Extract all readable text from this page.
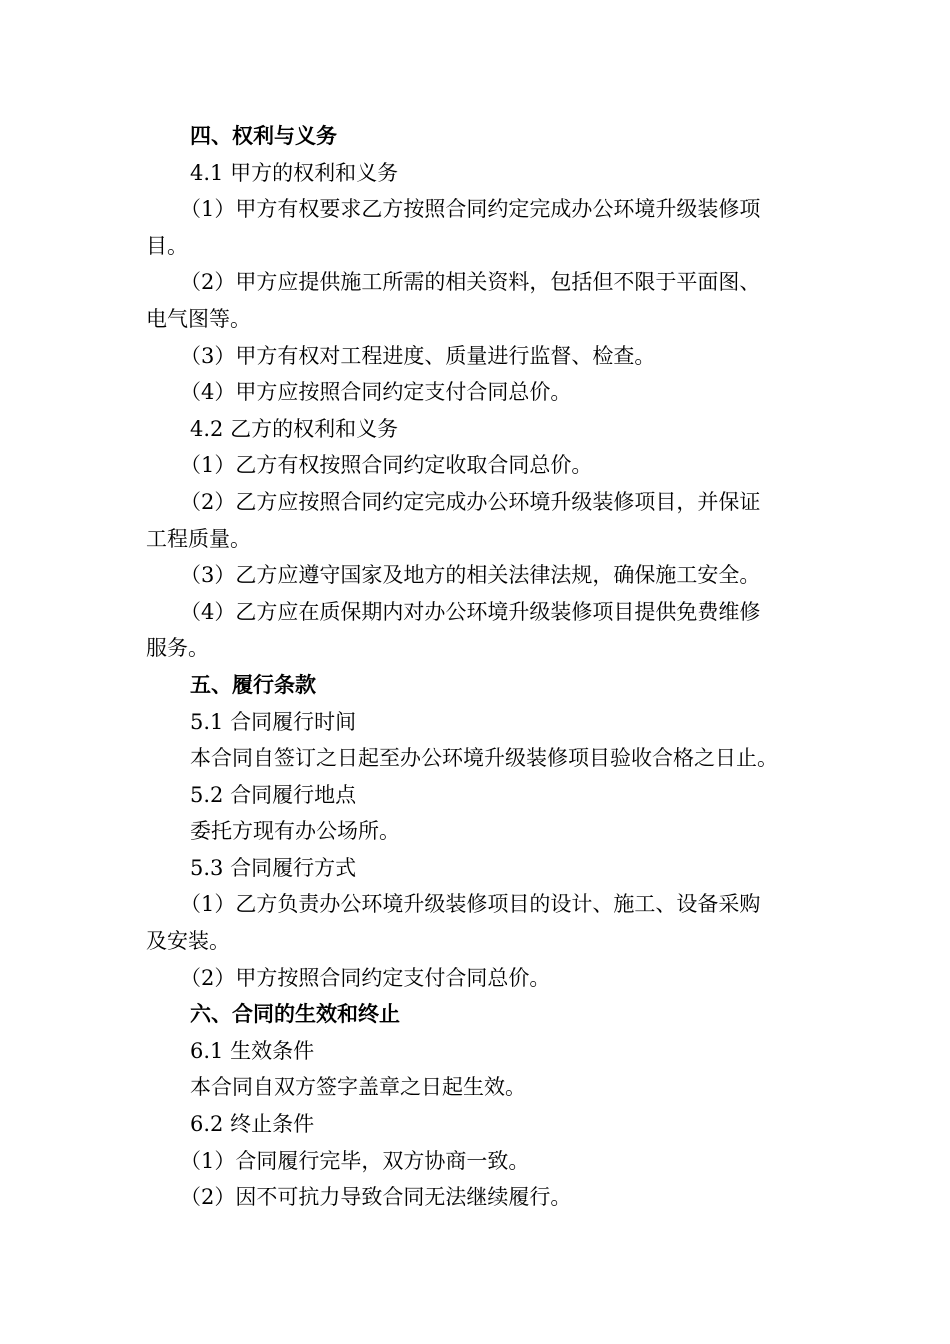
四、权利与义务
4.1 甲方的权利和义务
（1）甲方有权要求乙方按照合同约定完成办公环境升级装修项
目。
（2）甲方应提供施工所需的相关资料，包括但不限于平面图、
电气图等。
（3）甲方有权对工程进度、质量进行监督、检查。
（4）甲方应按照合同约定支付合同总价。
4.2 乙方的权利和义务
（1）乙方有权按照合同约定收取合同总价。
（2）乙方应按照合同约定完成办公环境升级装修项目，并保证
工程质量。
（3）乙方应遵守国家及地方的相关法律法规，确保施工安全。
（4）乙方应在质保期内对办公环境升级装修项目提供免费维修
服务。
五、履行条款
5.1 合同履行时间
本合同自签订之日起至办公环境升级装修项目验收合格之日止。
5.2 合同履行地点
委托方现有办公场所。
5.3 合同履行方式
（1）乙方负责办公环境升级装修项目的设计、施工、设备采购
及安装。
（2）甲方按照合同约定支付合同总价。
六、合同的生效和终止
6.1 生效条件
本合同自双方签字盖章之日起生效。
6.2 终止条件
（1）合同履行完毕，双方协商一致。
（2）因不可抗力导致合同无法继续履行。
